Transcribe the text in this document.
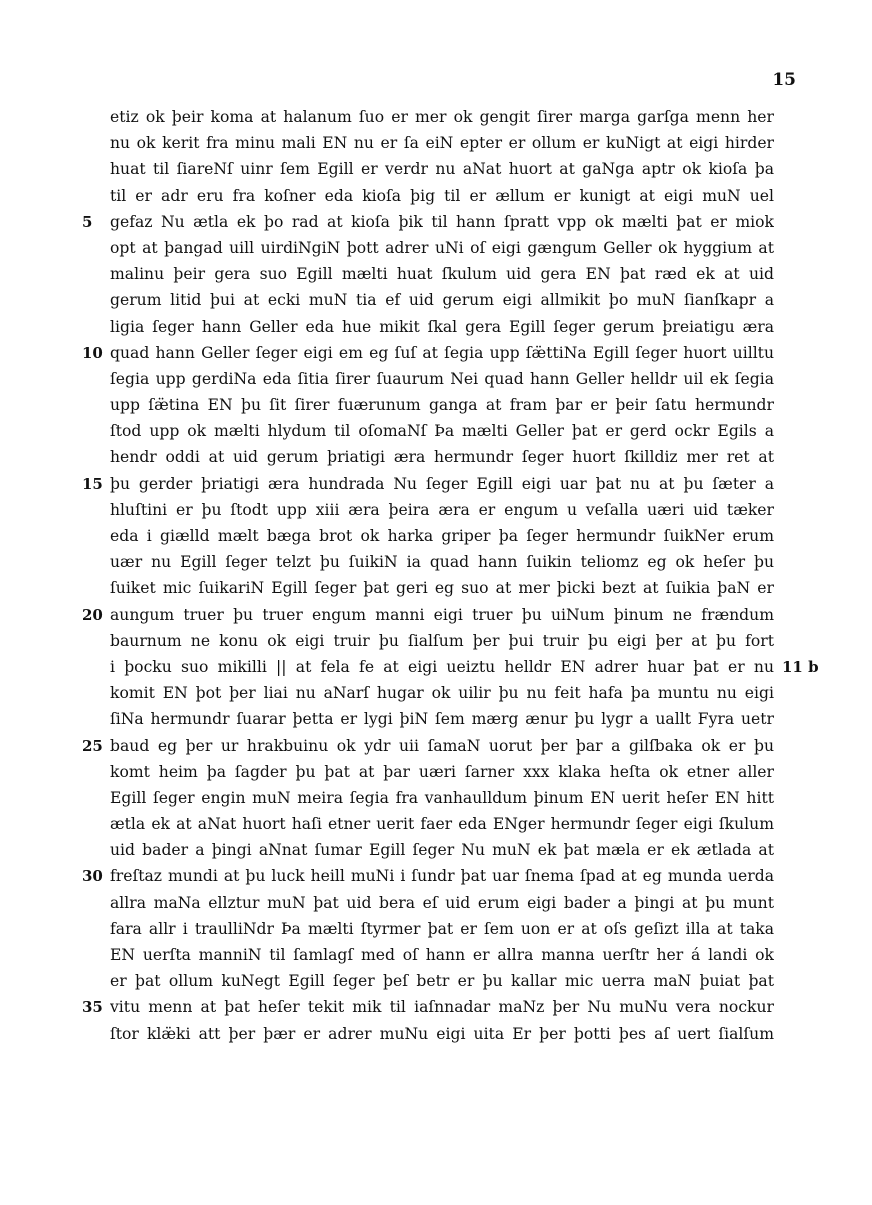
15
etiz ok þeir koma at halanum ſuo er mer ok gengit ſirer marga garſga menn her
nu ok kerit fra minu mali EN nu er ſa eiN epter er ollum er kuNigt at eigi hirder
huat til ſiareNſ uinr ſem Egill er verdr nu aNat huort at gaNga aptr ok kioſa þa
til er adr eru fra koſner eda kioſa þig til er ællum er kunigt at eigi muN uel
5	gefaz Nu ætla ek þo rad at kioſa þik til hann ſpratt vpp ok mælti þat er miok
opt at þangad uill uirdiNgiN þott adrer uNi oſ eigi gængum Geller ok hyggium at
malinu þeir gera suo Egill mælti huat ſkulum uid gera EN þat ræd ek at uid
gerum litid þui at ecki muN tia ef uid gerum eigi allmikit þo muN ſianſkapr a
ligia ſeger hann Geller eda hue mikit ſkal gera Egill ſeger gerum þreiatigu æra
10 quad hann Geller ſeger eigi em eg ſuſ at ſegia upp ſæ̈ttiNa Egill ſeger huort uilltu
ſegia upp gerdiNa eda ſitia ſirer ſuaurum Nei quad hann Geller helldr uil ek ſegia
upp ſæ̈tina EN þu ſit ſirer fuærunum ganga at fram þar er þeir ſatu hermundr
ſtod upp ok mælti hlydum til oſomaNſ Þa mælti Geller þat er gerd ockr Egils a
hendr oddi at uid gerum þriatigi æra hermundr ſeger huort ſkilldiz mer ret at
15 þu gerder þriatigi æra hundrada Nu ſeger Egill eigi uar þat nu at þu ſæter a
hluſtini er þu ſtodt upp xiii æra þeira æra er engum u veſalla uæri uid tæker
eda i giælld mælt bæga brot ok harka griper þa ſeger hermundr ſuikNer erum
uær nu Egill ſeger telzt þu ſuikiN ia quad hann ſuikin teliomz eg ok heſer þu
ſuiket mic ſuikariN Egill ſeger þat geri eg suo at mer þicki bezt at ſuikia þaN er
20 aungum truer þu truer engum manni eigi truer þu uiNum þinum ne frændum
baurnum ne konu ok eigi truir þu ſialſum þer þui truir þu eigi þer at þu fort
i þocku suo mikilli || at fela fe at eigi ueiztu helldr EN adrer huar þat er nu 11 b
komit EN þot þer liai nu aNarſ hugar ok uilir þu nu feit hafa þa muntu nu eigi
ſiNa hermundr ſuarar þetta er lygi þiN ſem mærg ænur þu lygr a uallt Fyra uetr
25 baud eg þer ur hrakbuinu ok ydr uii ſamaN uorut þer þar a gilſbaka ok er þu
komt heim þa ſagder þu þat at þar uæri ſarner xxx klaka heſta ok etner aller
Egill ſeger engin muN meira ſegia fra vanhaulldum þinum EN uerit heſer EN hitt
ætla ek at aNat huort haſi etner uerit faer eda ENger hermundr ſeger eigi ſkulum
uid bader a þingi aNnat ſumar Egill ſeger Nu muN ek þat mæla er ek ætlada at
30 freſtaz mundi at þu luck heill muNi i ſundr þat uar ſnema ſpad at eg munda uerda
allra maNa ellztur muN þat uid bera eſ uid erum eigi bader a þingi at þu munt
fara allr i traulliNdr Þa mælti ſtyrmer þat er ſem uon er at oſs geſizt illa at taka
EN uerſta manniN til ſamlagſ med oſ hann er allra manna uerſtr her á landi ok
er þat ollum kuNegt Egill ſeger þeſ betr er þu kallar mic uerra maN þuiat þat
35 vitu menn at þat heſer tekit mik til iaſnnadar maNz þer Nu muNu vera nockur
ſtor klæ̈ki att þer þær er adrer muNu eigi uita Er þer þotti þes aſ uert ſialſum
